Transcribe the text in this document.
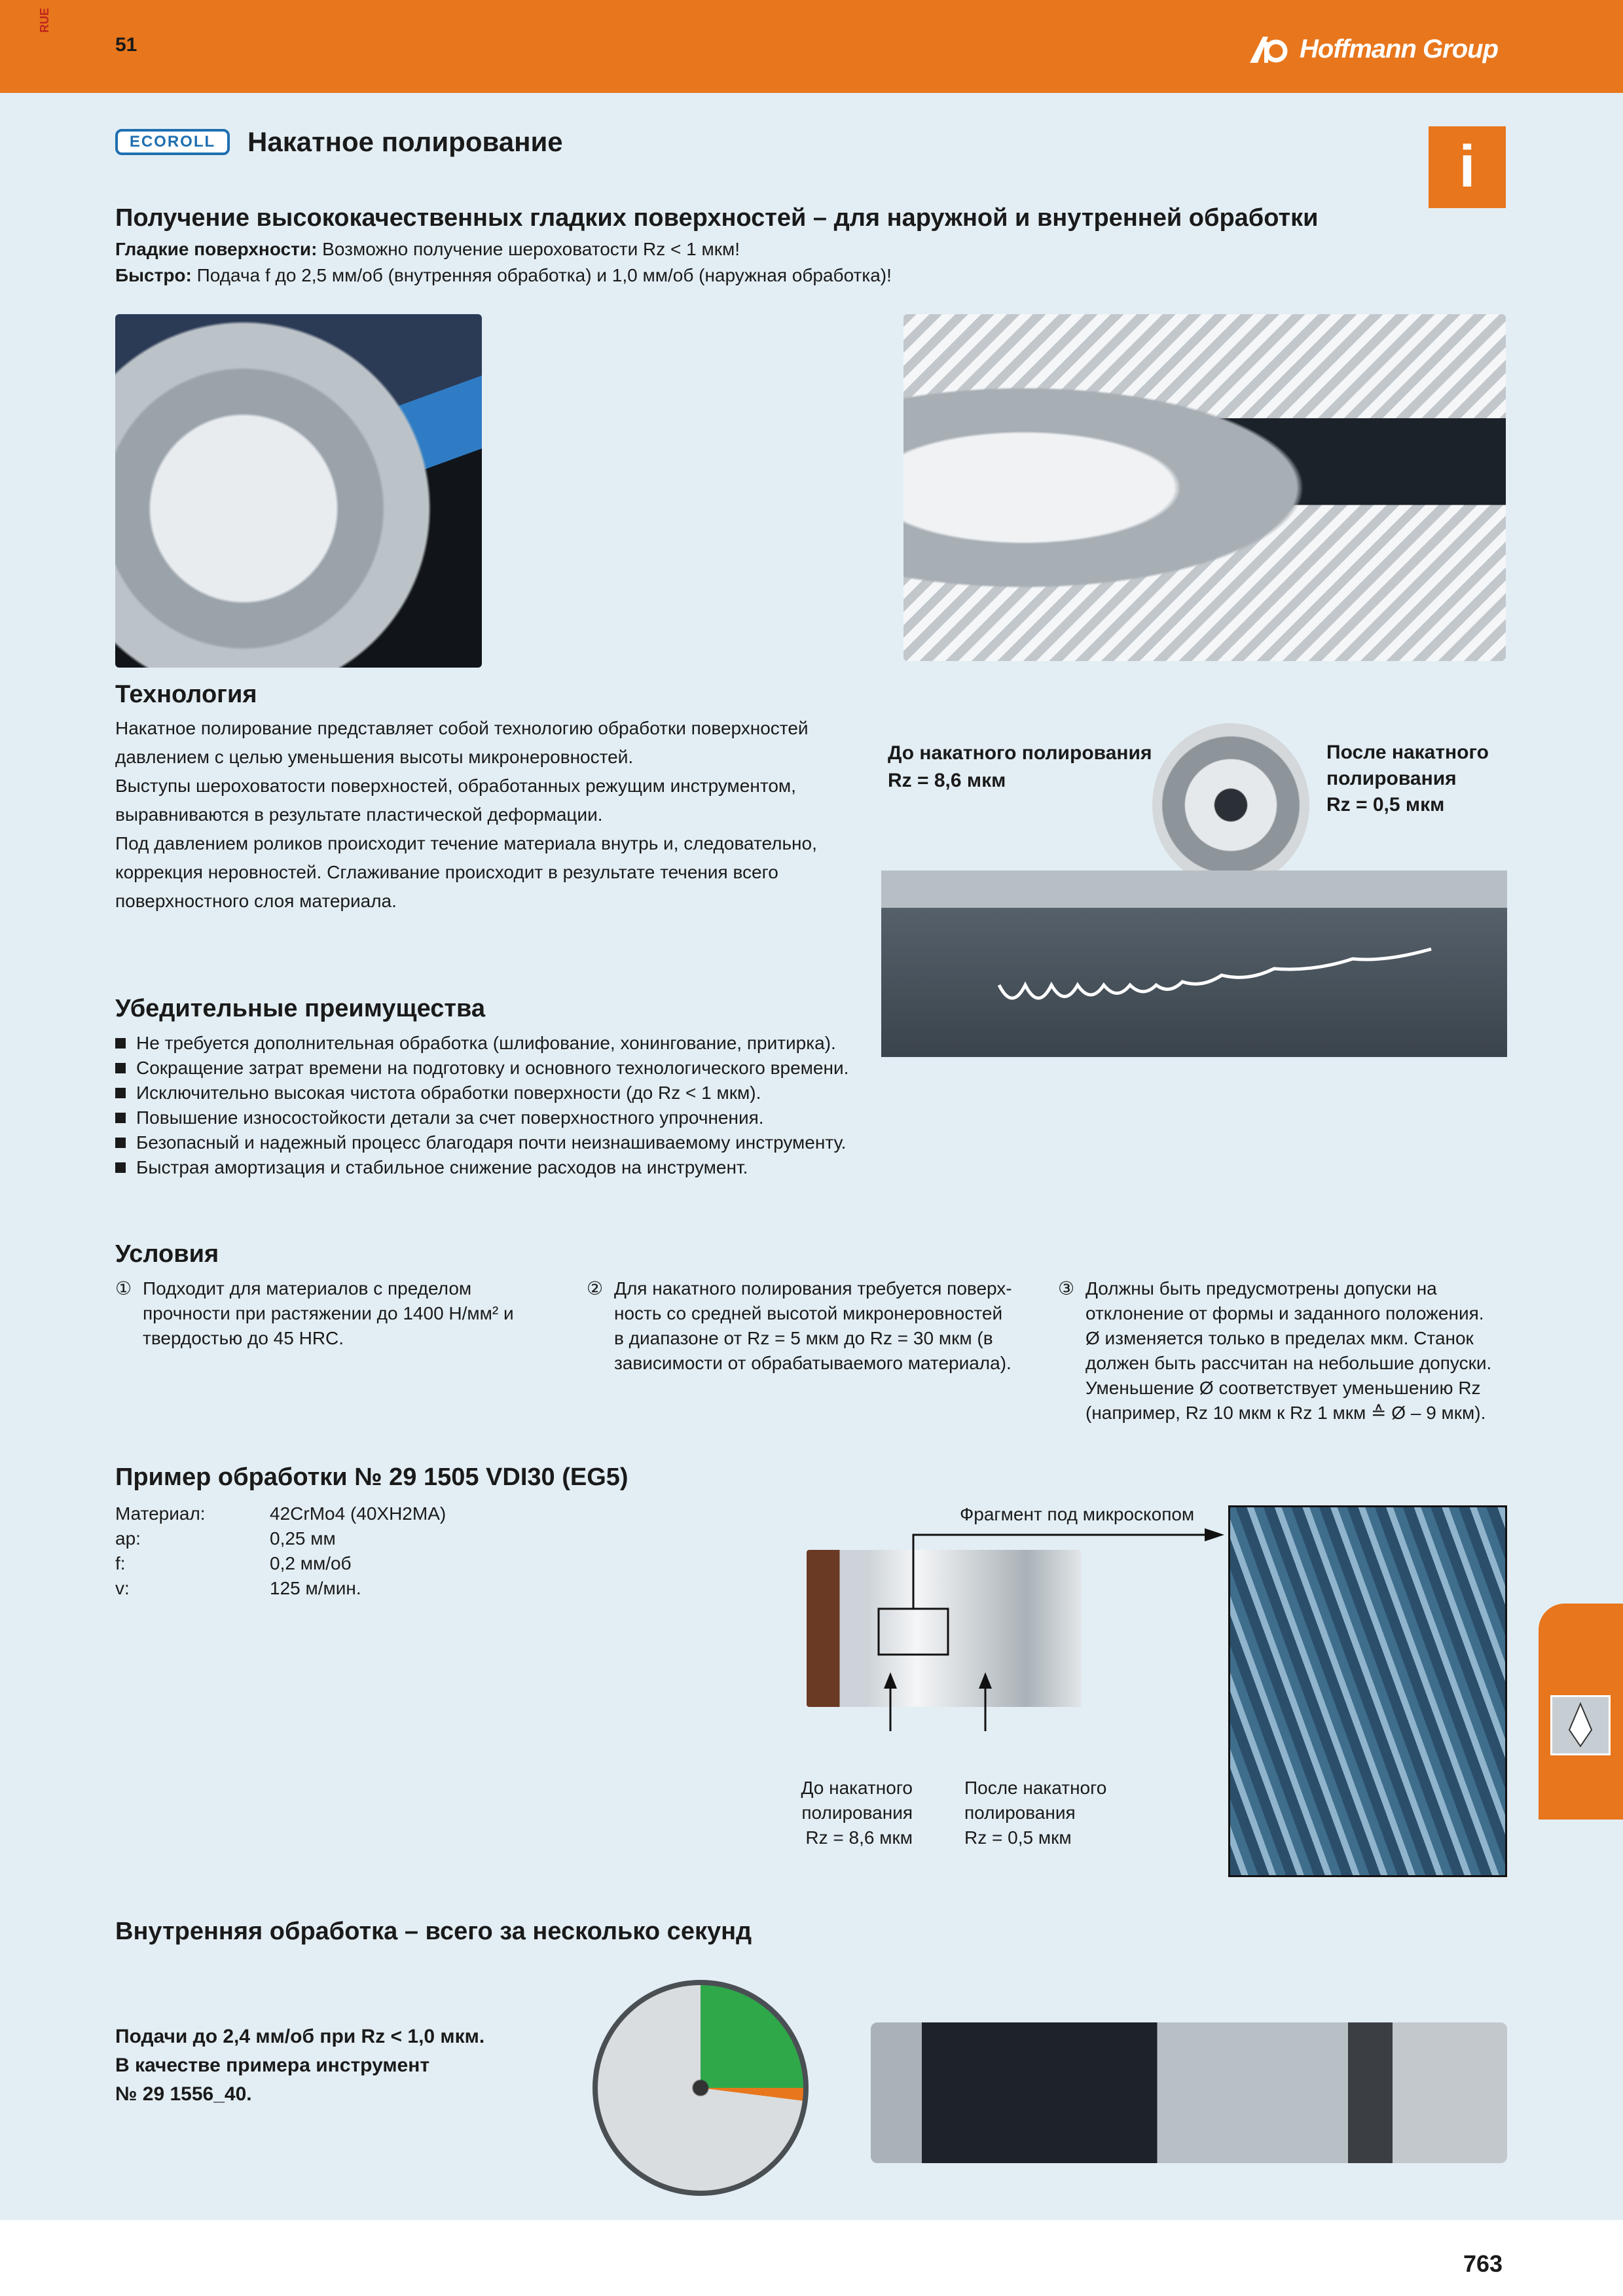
RUE
51	Hoffmann Group
ECOROLL	Накатное полирование	i
Получение высококачественных гладких поверхностей – для наружной и внутренней обработки
Гладкие поверхности: Возможно получение шероховатости Rz < 1 мкм!
Быстро: Подача f до 2,5 мм/об (внутренняя обработка) и 1,0 мм/об (наружная обработка)!
Технология
Накатное полирование представляет собой технологию обработки поверхностей
давлением с целью уменьшения высоты микронеровностей.
Выступы шероховатости поверхностей, обработанных режущим инструментом,
выравниваются в результате пластической деформации.
Под давлением роликов происходит течение материала внутрь и, следовательно,
коррекция неровностей. Сглаживание происходит в результате течения всего
поверхностного слоя материала.
До накатного полирования
Rz = 8,6 мкм
После накатного
полирования
Rz = 0,5 мкм
Убедительные преимущества
Не требуется дополнительная обработка (шлифование, хонингование, притирка).
Сокращение затрат времени на подготовку и основного технологического времени.
Исключительно высокая чистота обработки поверхности (до Rz < 1 мкм).
Повышение износостойкости детали за счет поверхностного упрочнения.
Безопасный и надежный процесс благодаря почти неизнашиваемому инструменту.
Быстрая амортизация и стабильное снижение расходов на инструмент.
Условия
① Подходит для материалов с пределом
прочности при растяжении до 1400 Н/мм² и
твердостью до 45 HRC.
② Для накатного полирования требуется поверх-
ность со средней высотой микронеровностей
в диапазоне от Rz = 5 мкм до Rz = 30 мкм (в
зависимости от обрабатываемого материала).
③ Должны быть предусмотрены допуски на
отклонение от формы и заданного положения.
Ø изменяется только в пределах мкм. Станок
должен быть рассчитан на небольшие допуски.
Уменьшение Ø соответствует уменьшению Rz
(например, Rz 10 мкм к Rz 1 мкм ≙ Ø – 9 мкм).
Пример обработки № 29 1505 VDI30 (EG5)
Материал:	42CrMo4 (40ХН2МА)
ap:	0,25 мм
f:	0,2 мм/об
v:	125 м/мин.
Фрагмент под микроскопом
До накатного
полирования
Rz = 8,6 мкм
После накатного
полирования
Rz = 0,5 мкм
Внутренняя обработка – всего за несколько секунд
Подачи до 2,4 мм/об при Rz < 1,0 мкм.
В качестве примера инструмент
№ 29 1556_40.
763
